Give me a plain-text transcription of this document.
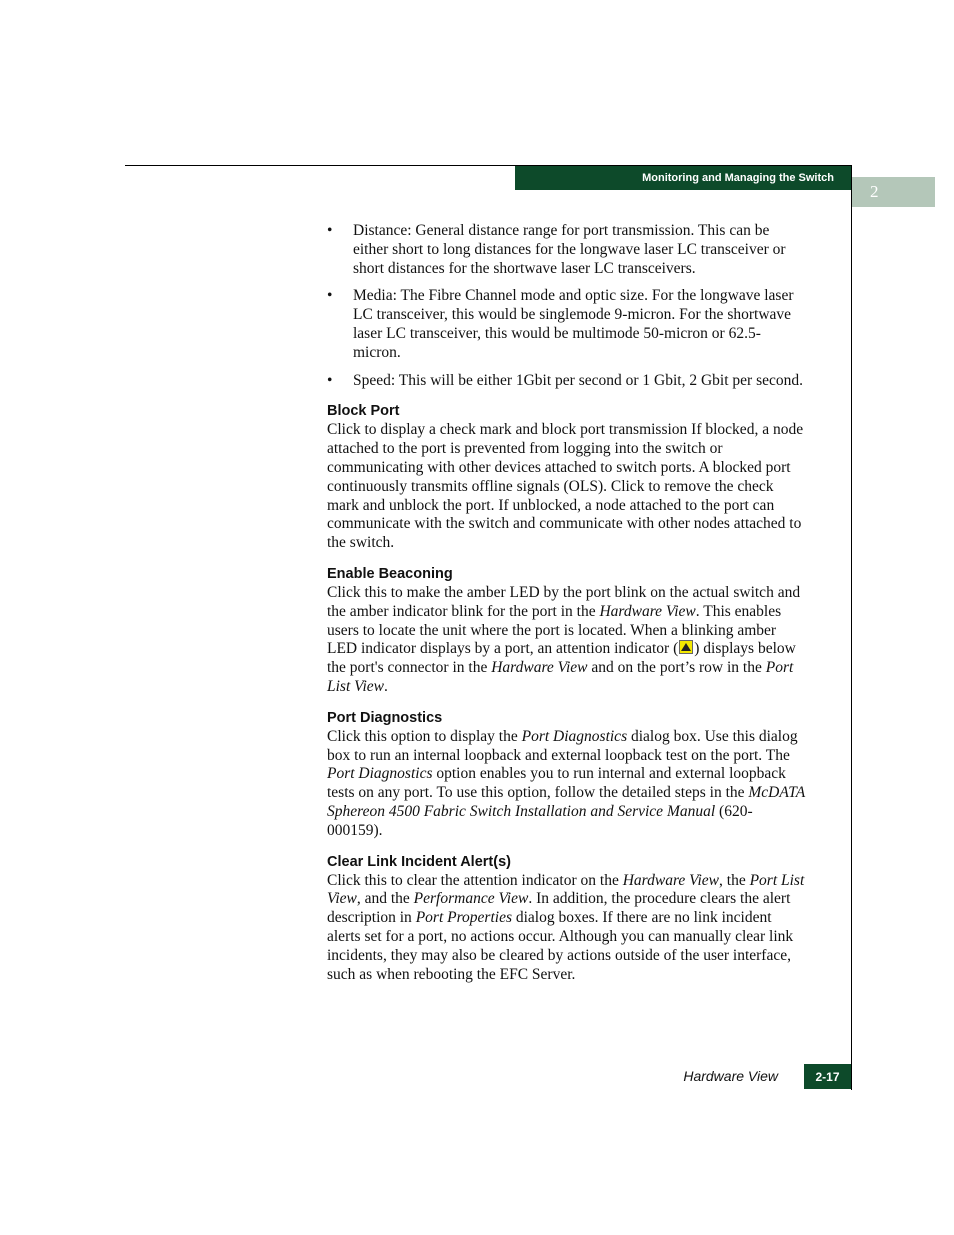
Monitoring and Managing the Switch
2
• Distance: General distance range for port transmission. This can be either short to long distances for the longwave laser LC transceiver or short distances for the shortwave laser LC transceivers.
• Media: The Fibre Channel mode and optic size. For the longwave laser LC transceiver, this would be singlemode 9-micron. For the shortwave laser LC transceiver, this would be multimode 50-micron or 62.5-micron.
• Speed: This will be either 1Gbit per second or 1 Gbit, 2 Gbit per second.
Block Port

Click to display a check mark and block port transmission If blocked, a node attached to the port is prevented from logging into the switch or communicating with other devices attached to switch ports. A blocked port continuously transmits offline signals (OLS). Click to remove the check mark and unblock the port. If unblocked, a node attached to the port can communicate with the switch and communicate with other nodes attached to the switch.

Enable Beaconing

Click this to make the amber LED by the port blink on the actual switch and the amber indicator blink for the port in the Hardware View. This enables users to locate the unit where the port is located. When a blinking amber LED indicator displays by a port, an attention indicator ( ) displays below the port's connector in the Hardware View and on the port’s row in the Port List View.

Port Diagnostics

Click this option to display the Port Diagnostics dialog box. Use this dialog box to run an internal loopback and external loopback test on the port. The Port Diagnostics option enables you to run internal and external loopback tests on any port. To use this option, follow the detailed steps in the McDATA Sphereon 4500 Fabric Switch Installation and Service Manual (620-000159).

Clear Link Incident Alert(s)

Click this to clear the attention indicator on the Hardware View, the Port List View, and the Performance View. In addition, the procedure clears the alert description in Port Properties dialog boxes. If there are no link incident alerts set for a port, no actions occur. Although you can manually clear link incidents, they may also be cleared by actions outside of the user interface, such as when rebooting the EFC Server.

Hardware View	2-17
